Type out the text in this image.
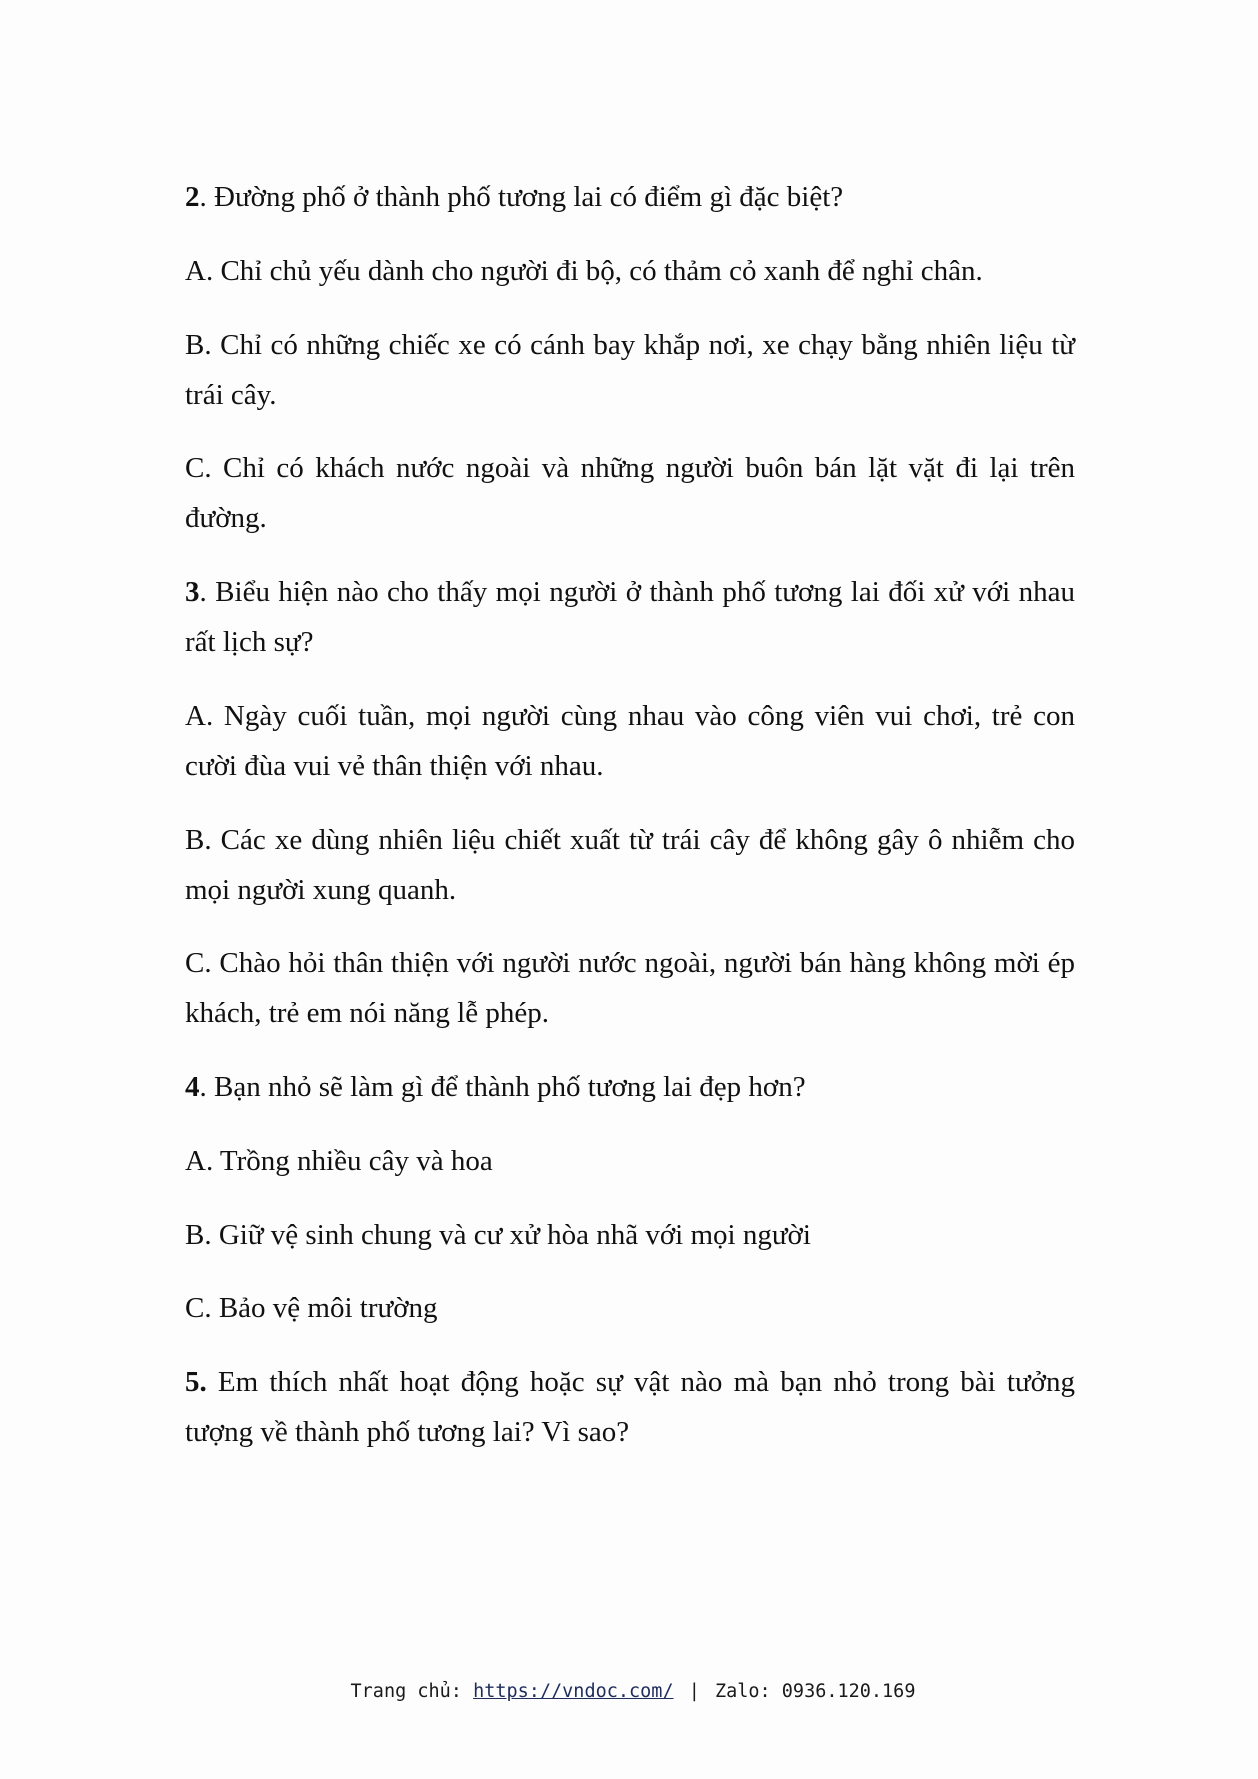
2. Đường phố ở thành phố tương lai có điểm gì đặc biệt?

A. Chỉ chủ yếu dành cho người đi bộ, có thảm cỏ xanh để nghỉ chân.

B. Chỉ có những chiếc xe có cánh bay khắp nơi, xe chạy bằng nhiên liệu từ trái cây.

C. Chỉ có khách nước ngoài và những người buôn bán lặt vặt đi lại trên đường.

3. Biểu hiện nào cho thấy mọi người ở thành phố tương lai đối xử với nhau rất lịch sự?

A. Ngày cuối tuần, mọi người cùng nhau vào công viên vui chơi, trẻ con cười đùa vui vẻ thân thiện với nhau.

B. Các xe dùng nhiên liệu chiết xuất từ trái cây để không gây ô nhiễm cho mọi người xung quanh.

C. Chào hỏi thân thiện với người nước ngoài, người bán hàng không mời ép khách, trẻ em nói năng lễ phép.

4. Bạn nhỏ sẽ làm gì để thành phố tương lai đẹp hơn?

A. Trồng nhiều cây và hoa

B. Giữ vệ sinh chung và cư xử hòa nhã với mọi người

C. Bảo vệ môi trường

5. Em thích nhất hoạt động hoặc sự vật nào mà bạn nhỏ trong bài tưởng tượng về thành phố tương lai? Vì sao?

Trang chủ: https://vndoc.com/ | Zalo: 0936.120.169
